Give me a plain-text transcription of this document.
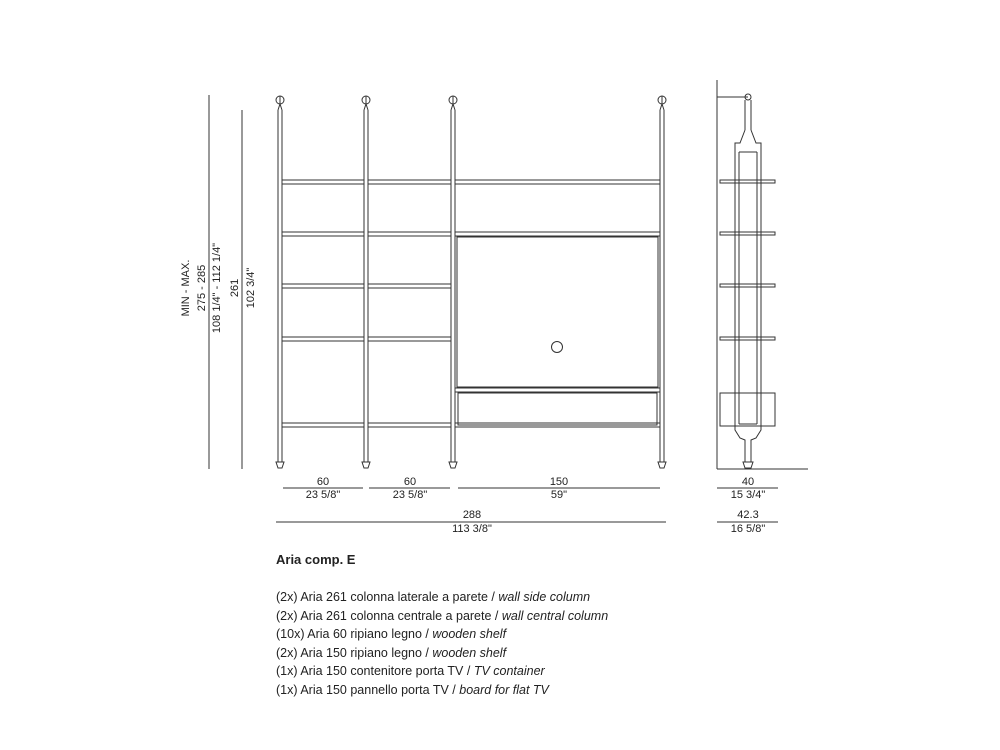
MIN - MAX. 275 - 285 108 1/4" - 112 1/4" 261 102 3/4"
60
23 5/8"
60
23 5/8"
150
59"
288
113 3/8"
40
15 3/4"
42.3
16 5/8"
Aria comp. E
(2x) Aria 261 colonna laterale a parete / wall side column
(2x) Aria 261 colonna centrale a parete / wall central column
(10x) Aria 60 ripiano legno / wooden shelf
(2x) Aria 150 ripiano legno / wooden shelf
(1x) Aria 150 contenitore porta TV / TV container
(1x) Aria 150 pannello porta TV / board for flat TV
